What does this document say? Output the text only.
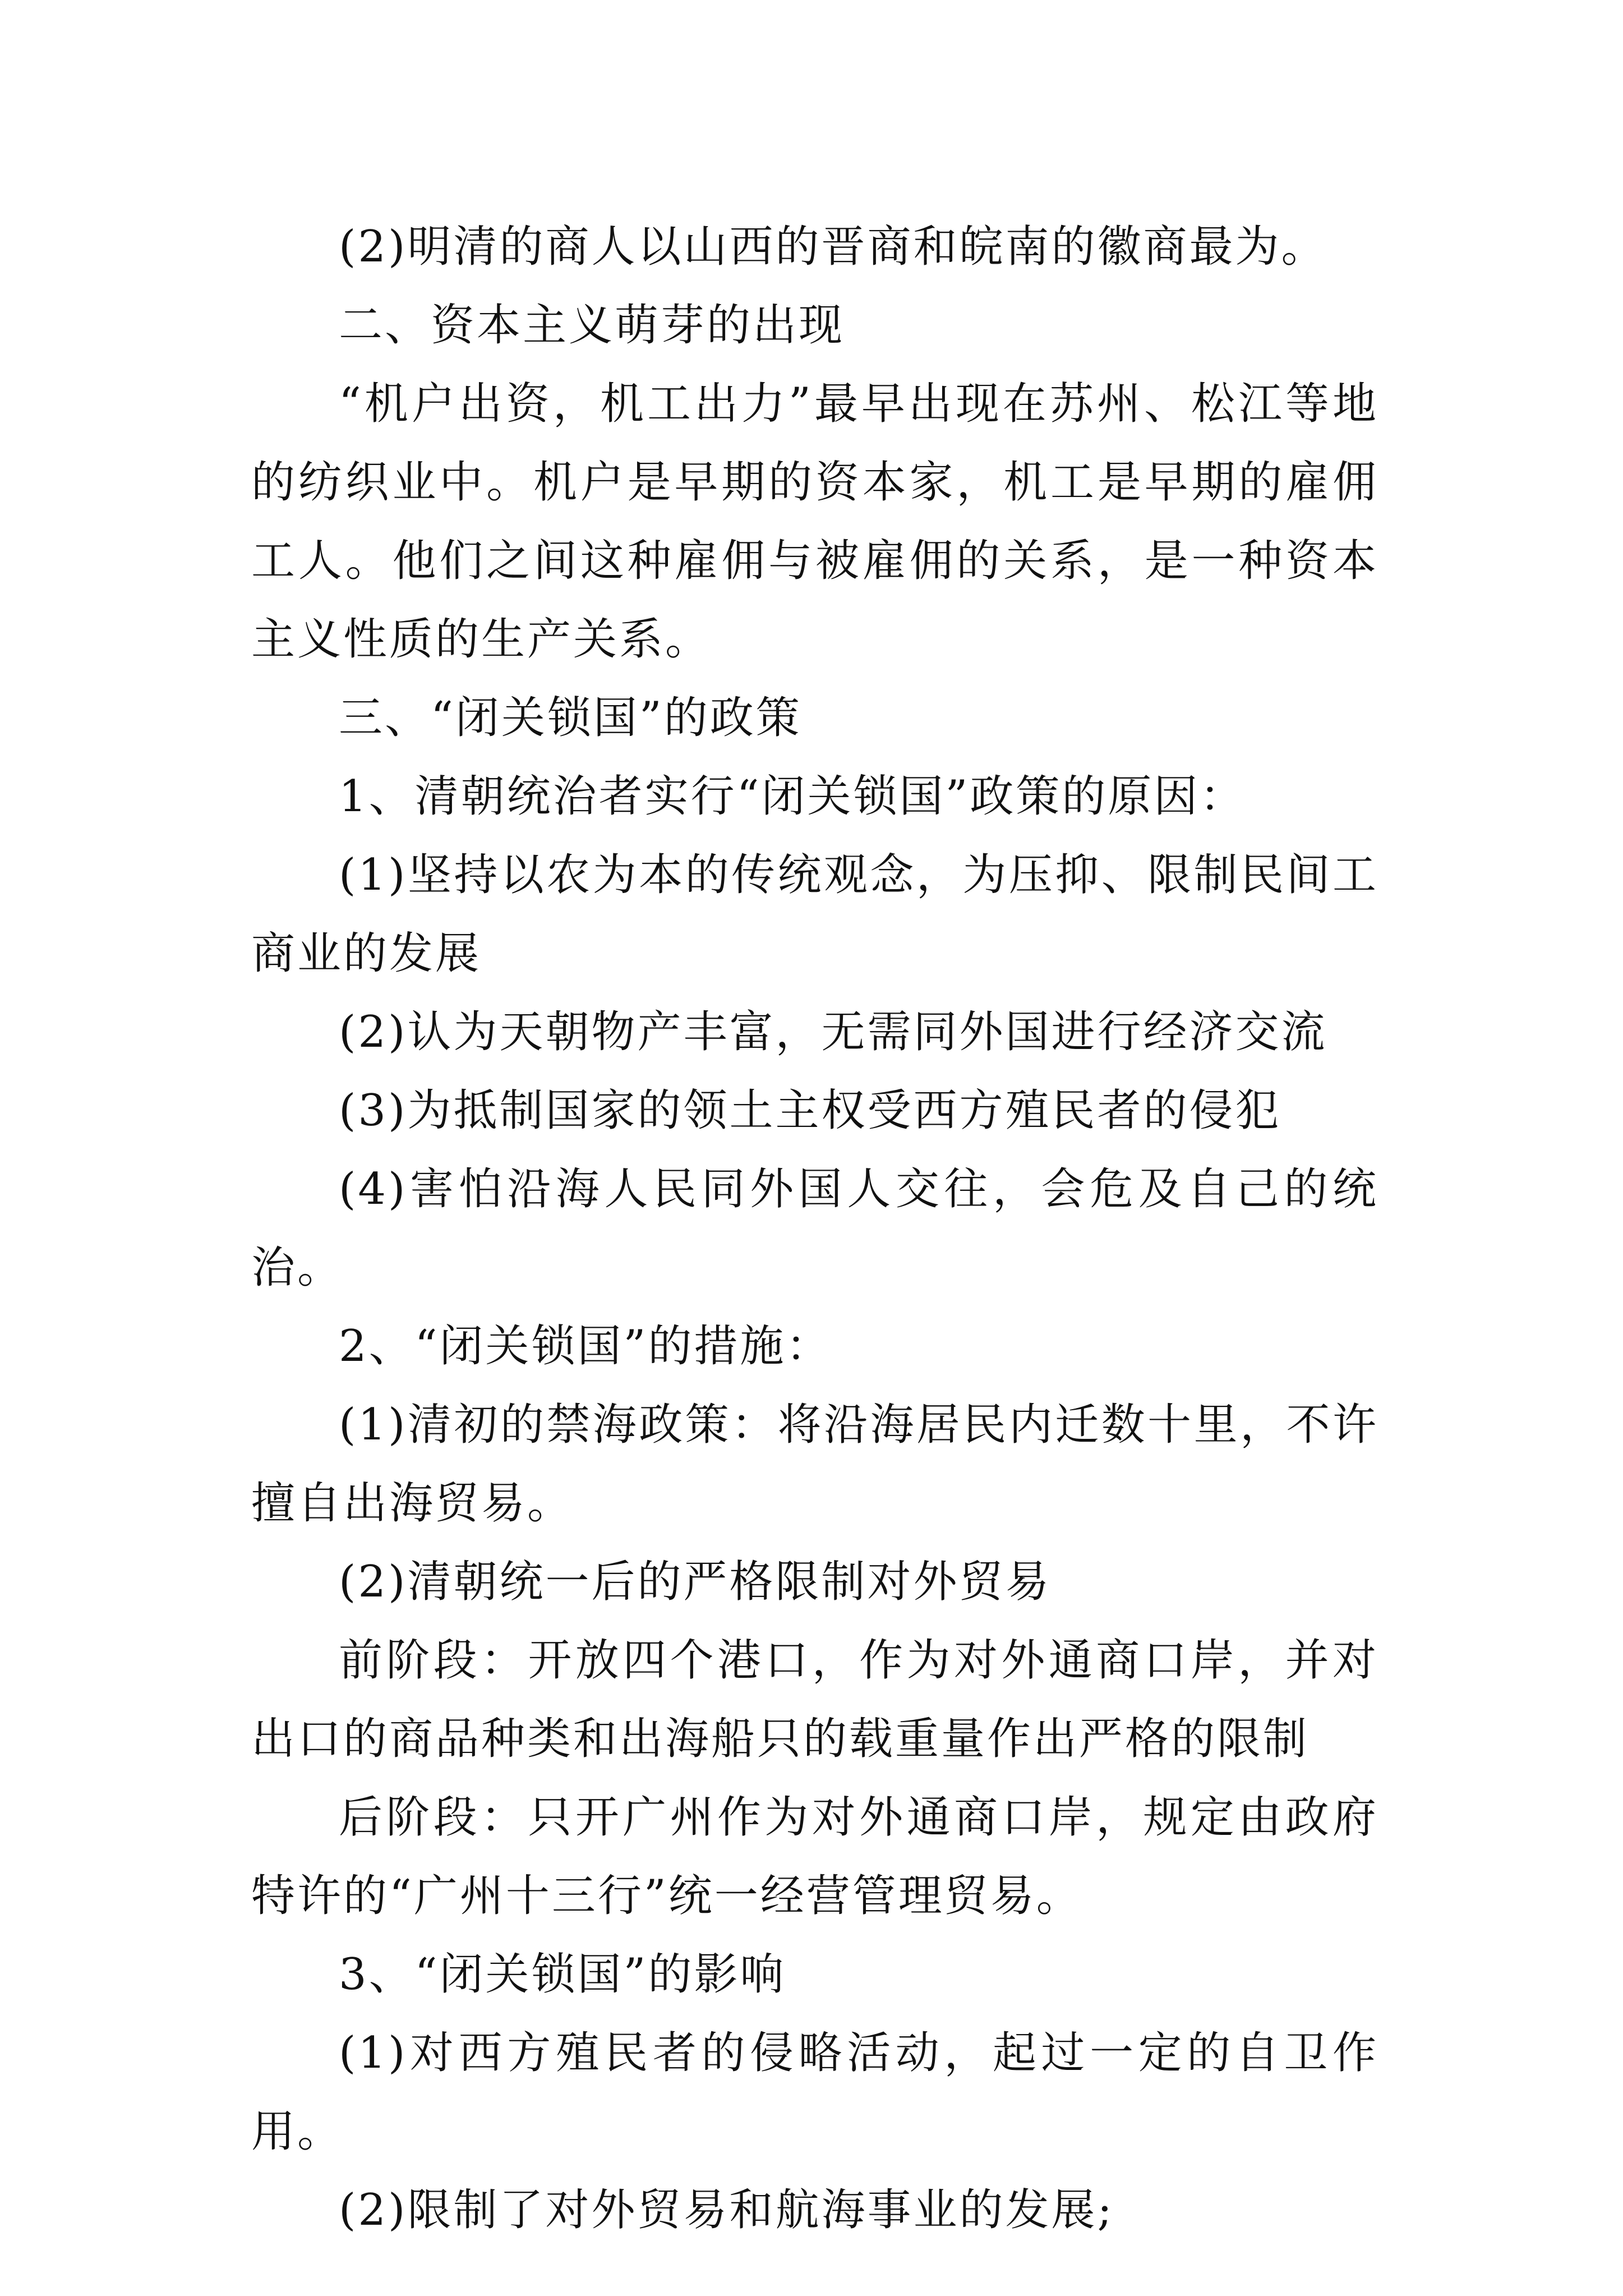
(2)明清的商人以山西的晋商和皖南的徽商最为。

二、资本主义萌芽的出现

“机户出资，机工出力”最早出现在苏州、松江等地的纺织业中。机户是早期的资本家，机工是早期的雇佣工人。他们之间这种雇佣与被雇佣的关系，是一种资本主义性质的生产关系。

三、“闭关锁国”的政策

1、清朝统治者实行“闭关锁国”政策的原因：

(1)坚持以农为本的传统观念，为压抑、限制民间工商业的发展

(2)认为天朝物产丰富，无需同外国进行经济交流

(3)为抵制国家的领土主权受西方殖民者的侵犯

(4)害怕沿海人民同外国人交往，会危及自己的统治。

2、“闭关锁国”的措施：

(1)清初的禁海政策：将沿海居民内迁数十里，不许擅自出海贸易。

(2)清朝统一后的严格限制对外贸易

前阶段：开放四个港口，作为对外通商口岸，并对出口的商品种类和出海船只的载重量作出严格的限制

后阶段：只开广州作为对外通商口岸，规定由政府特许的“广州十三行”统一经营管理贸易。

3、“闭关锁国”的影响

(1)对西方殖民者的侵略活动，起过一定的自卫作用。

(2)限制了对外贸易和航海事业的发展;
